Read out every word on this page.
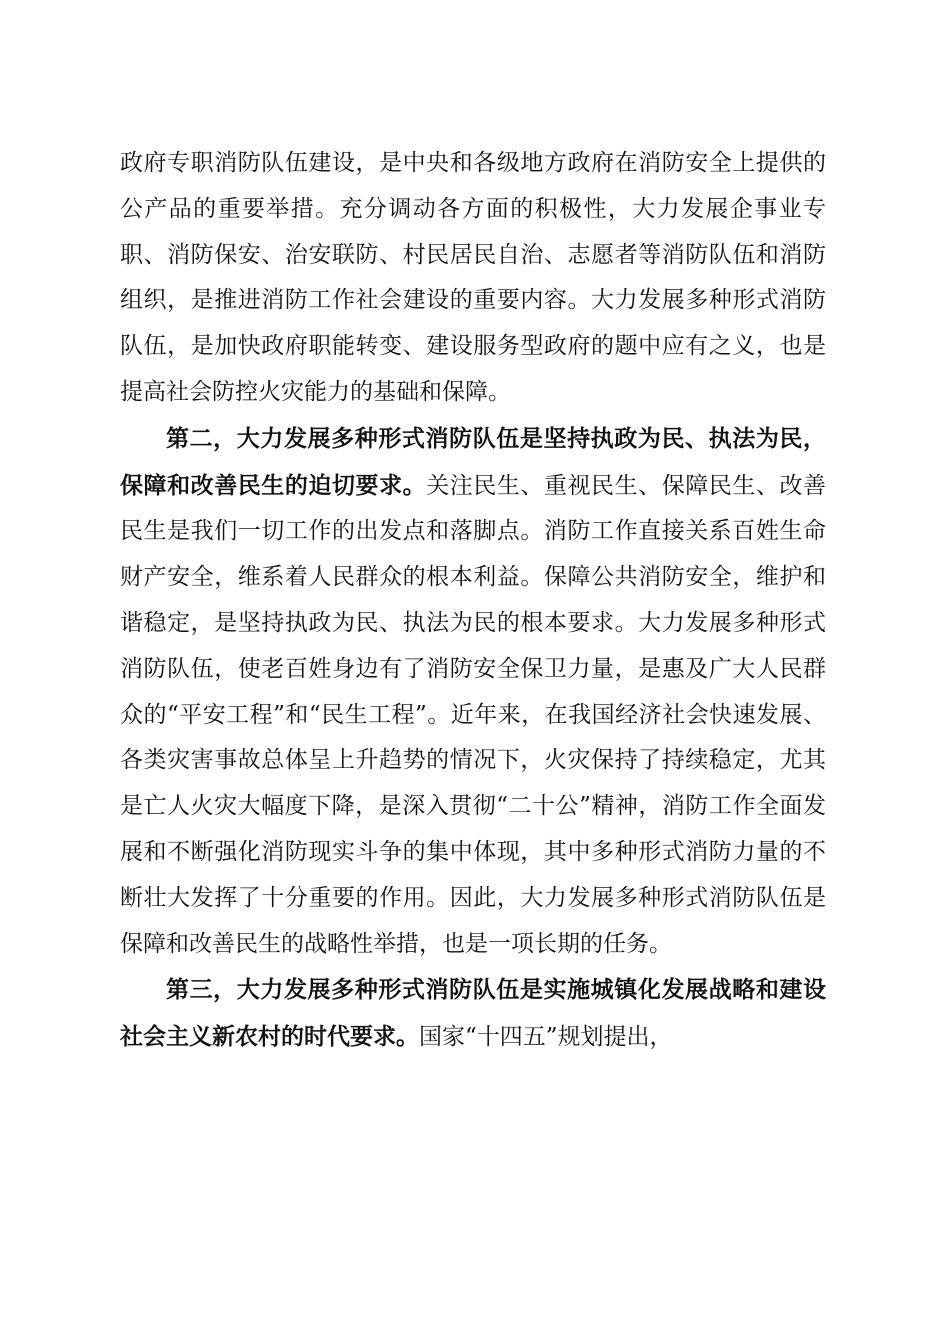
政府专职消防队伍建设，是中央和各级地方政府在消防安全上提供的公产品的重要举措。充分调动各方面的积极性，大力发展企事业专职、消防保安、治安联防、村民居民自治、志愿者等消防队伍和消防组织，是推进消防工作社会建设的重要内容。大力发展多种形式消防队伍，是加快政府职能转变、建设服务型政府的题中应有之义，也是提高社会防控火灾能力的基础和保障。

第二，大力发展多种形式消防队伍是坚持执政为民、执法为民，保障和改善民生的迫切要求。关注民生、重视民生、保障民生、改善民生是我们一切工作的出发点和落脚点。消防工作直接关系百姓生命财产安全，维系着人民群众的根本利益。保障公共消防安全，维护和谐稳定，是坚持执政为民、执法为民的根本要求。大力发展多种形式消防队伍，使老百姓身边有了消防安全保卫力量，是惠及广大人民群众的“平安工程”和“民生工程”。近年来，在我国经济社会快速发展、各类灾害事故总体呈上升趋势的情况下，火灾保持了持续稳定，尤其是亡人火灾大幅度下降，是深入贯彻“二十公”精神，消防工作全面发展和不断强化消防现实斗争的集中体现，其中多种形式消防力量的不断壮大发挥了十分重要的作用。因此，大力发展多种形式消防队伍是保障和改善民生的战略性举措，也是一项长期的任务。

第三，大力发展多种形式消防队伍是实施城镇化发展战略和建设社会主义新农村的时代要求。国家“十四五”规划提出，
